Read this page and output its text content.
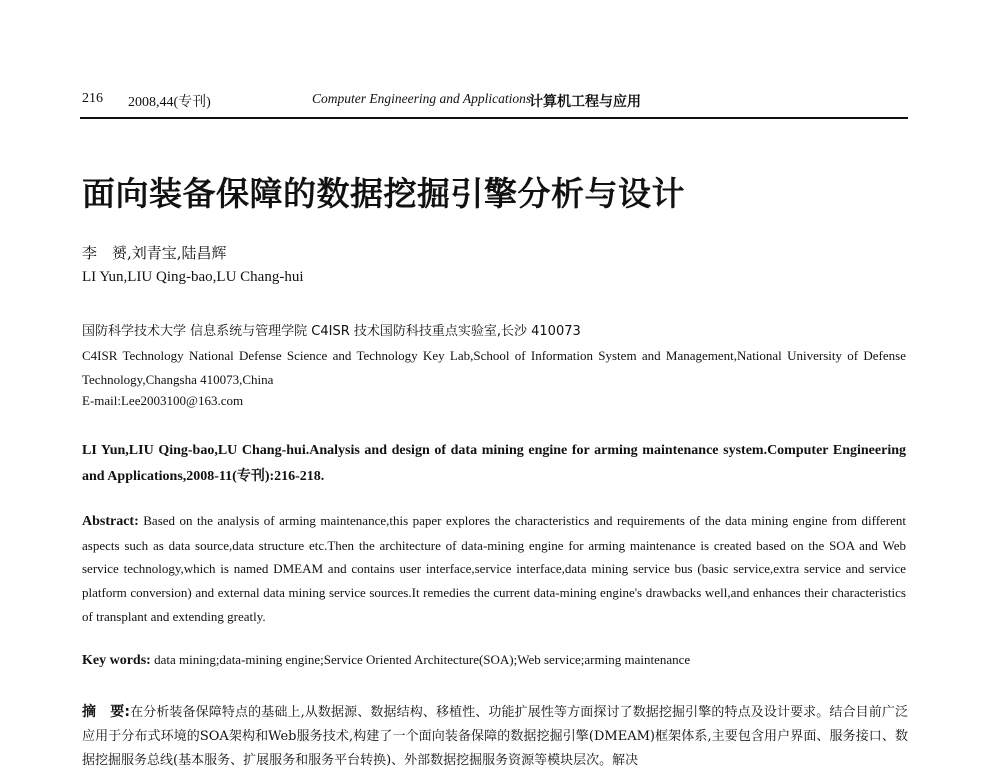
216 2008,44(专刊)	Computer Engineering and Applications
计算机工程与应用
面向装备保障的数据挖掘引擎分析与设计
李　赟,刘青宝,陆昌辉
LI Yun,LIU Qing-bao,LU Chang-hui
国防科学技术大学 信息系统与管理学院 C4ISR 技术国防科技重点实验室,长沙 410073
C4ISR Technology National Defense Science and Technology Key Lab,School of Information System and Management,National University of Defense Technology,Changsha 410073,China
E-mail:Lee2003100@163.com
LI Yun,LIU Qing-bao,LU Chang-hui.Analysis and design of data mining engine for arming maintenance system.Computer Engineering and Applications,2008-11(专刊):216-218.
Abstract: Based on the analysis of arming maintenance,this paper explores the characteristics and requirements of the data mining engine from different aspects such as data source,data structure etc.Then the architecture of data-mining engine for arming maintenance is created based on the SOA and Web service technology,which is named DMEAM and contains user interface,service interface,data mining service bus (basic service,extra service and service platform conversion) and external data mining service sources.It remedies the current data-mining engine's drawbacks well,and enhances their characteristics of transplant and extending greatly.
Key words: data mining;data-mining engine;Service Oriented Architecture(SOA);Web service;arming maintenance
摘　要:在分析装备保障特点的基础上,从数据源、数据结构、移植性、功能扩展性等方面探讨了数据挖掘引擎的特点及设计要求。结合目前广泛应用于分布式环境的SOA架构和Web服务技术,构建了一个面向装备保障的数据挖掘引擎(DMEAM)框架体系,主要包含用户界面、服务接口、数据挖掘服务总线(基本服务、扩展服务和服务平台转换)、外部数据挖掘服务资源等模块层次。解决
